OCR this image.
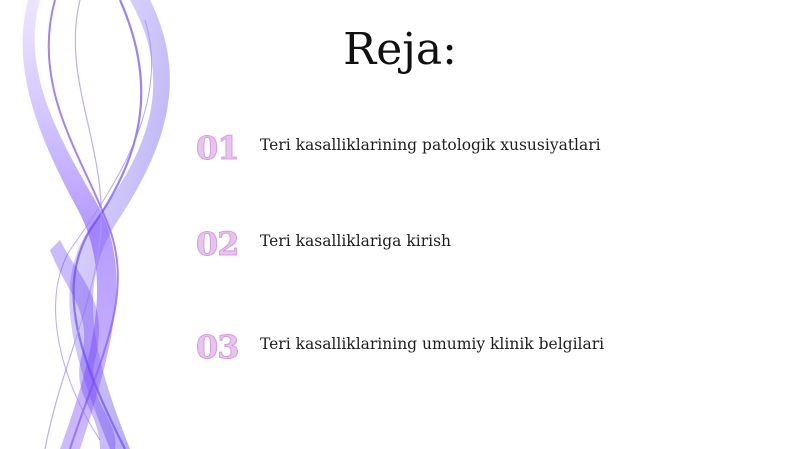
Reja:
01	Teri kasalliklarining patologik xususiyatlari
02	Teri kasalliklariga kirish
03	Teri kasalliklarining umumiy klinik belgilari
